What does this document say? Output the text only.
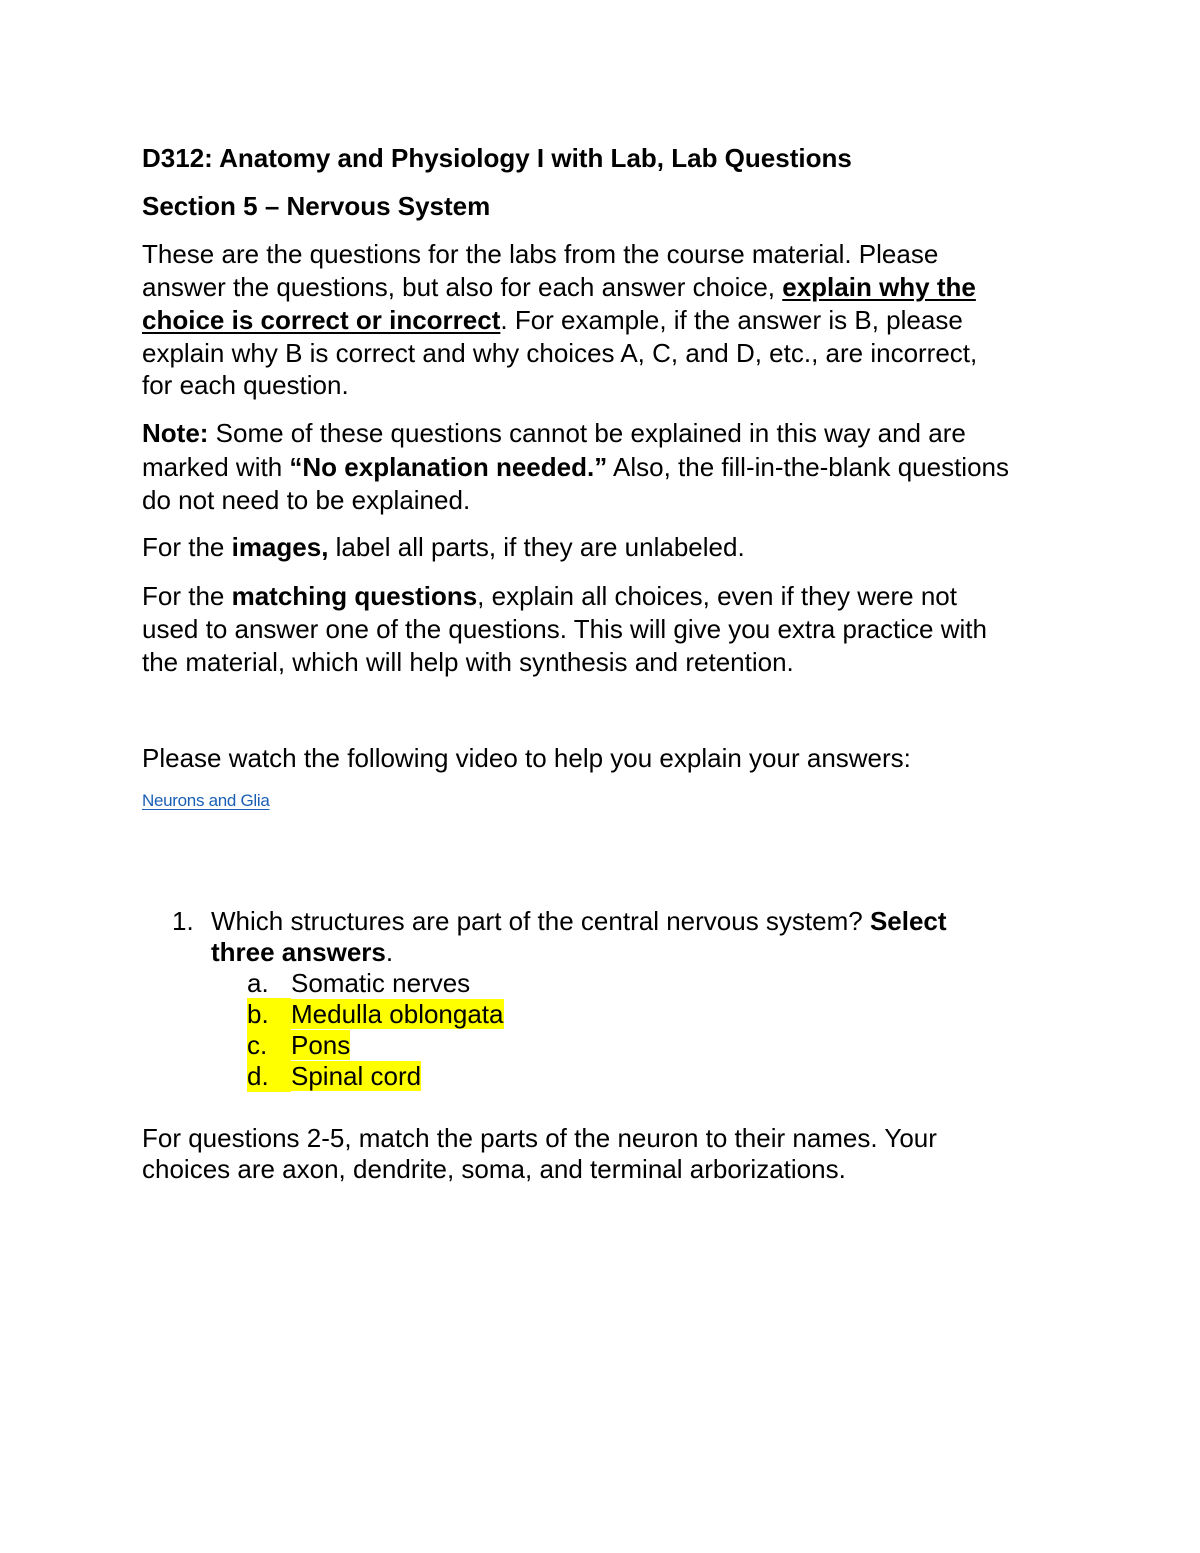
D312: Anatomy and Physiology I with Lab, Lab Questions
Section 5 – Nervous System
These are the questions for the labs from the course material. Please
answer the questions, but also for each answer choice, explain why the
choice is correct or incorrect. For example, if the answer is B, please
explain why B is correct and why choices A, C, and D, etc., are incorrect,
for each question.
Note: Some of these questions cannot be explained in this way and are
marked with “No explanation needed.” Also, the fill-in-the-blank questions
do not need to be explained.
For the images, label all parts, if they are unlabeled.
For the matching questions, explain all choices, even if they were not
used to answer one of the questions. This will give you extra practice with
the material, which will help with synthesis and retention.
Please watch the following video to help you explain your answers:
Neurons and Glia
1. Which structures are part of the central nervous system? Select
three answers.
a. Somatic nerves
b. Medulla oblongata
c. Pons
d. Spinal cord
For questions 2-5, match the parts of the neuron to their names. Your
choices are axon, dendrite, soma, and terminal arborizations.
